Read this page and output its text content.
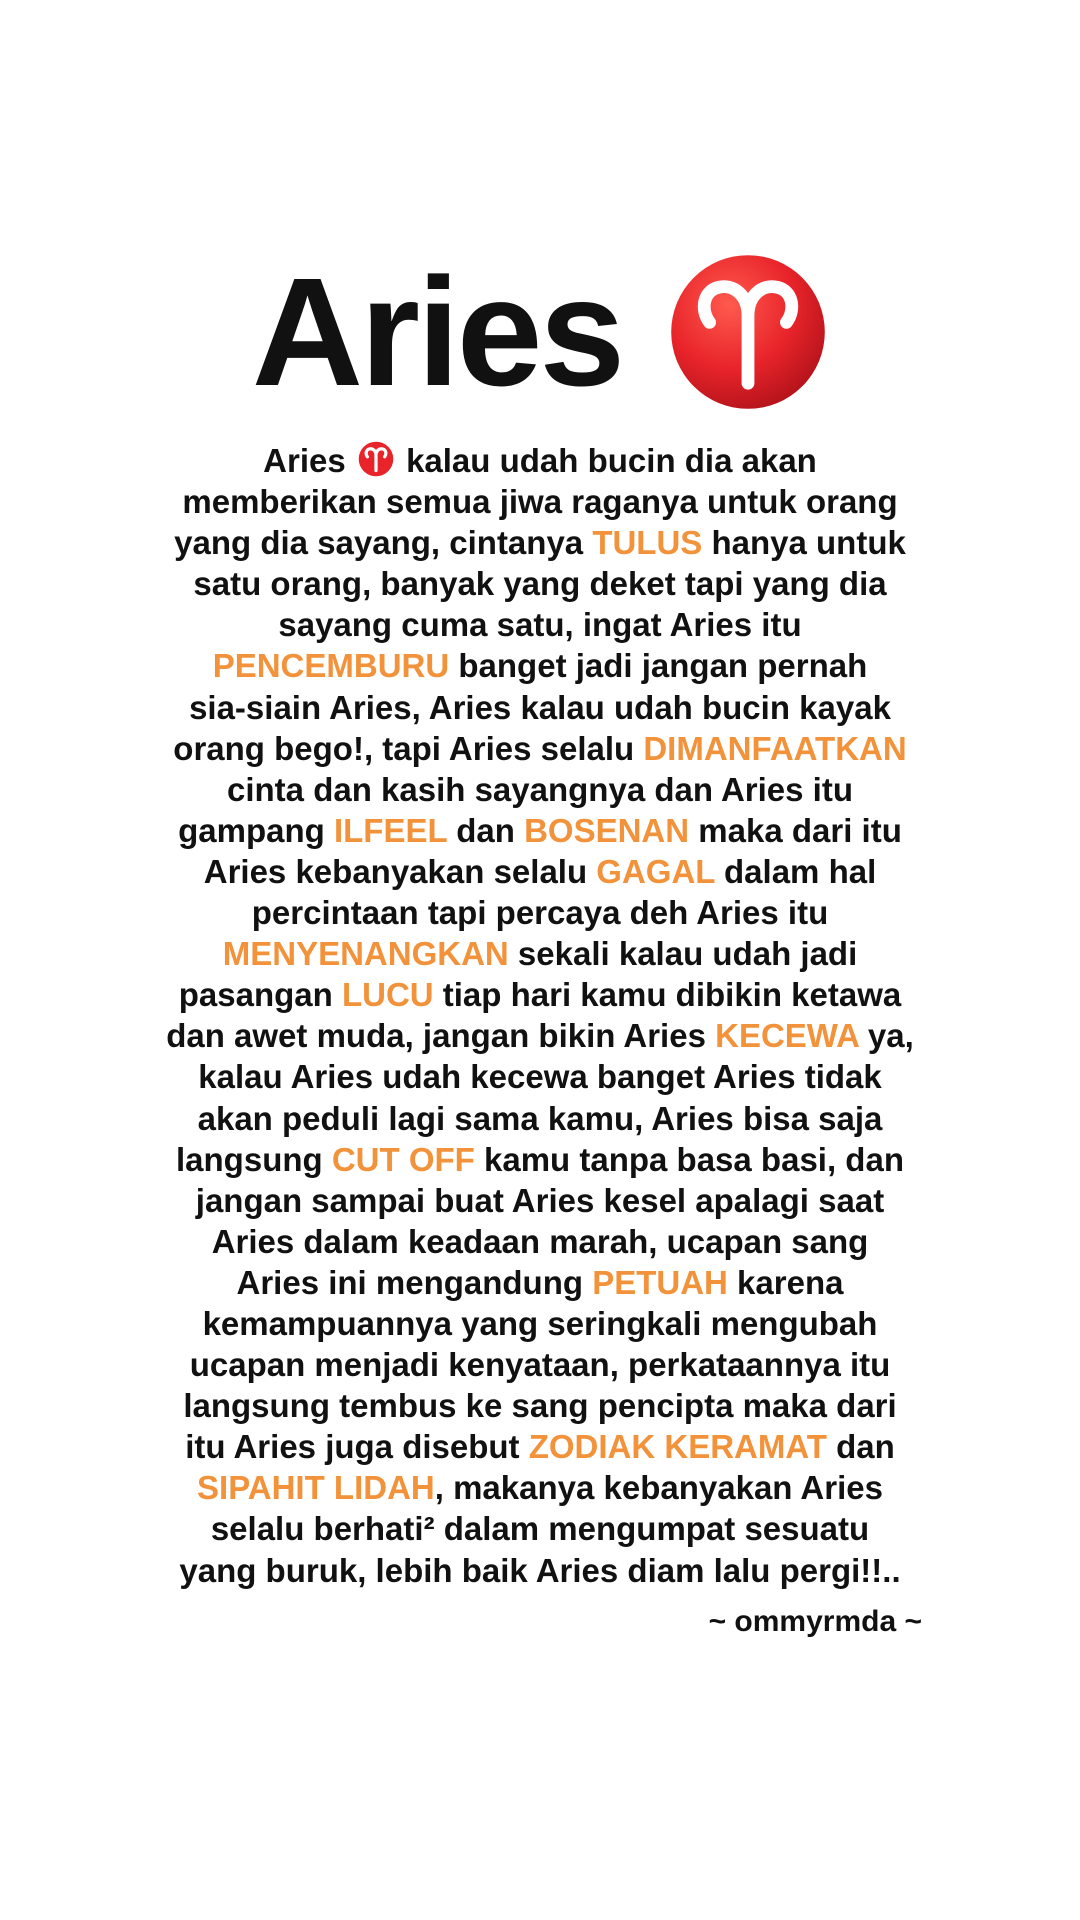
Aries
Aries kalau udah bucin dia akan
memberikan semua jiwa raganya untuk orang
yang dia sayang, cintanya TULUS hanya untuk
satu orang, banyak yang deket tapi yang dia
sayang cuma satu, ingat Aries itu
PENCEMBURU banget jadi jangan pernah
sia-siain Aries, Aries kalau udah bucin kayak
orang bego!, tapi Aries selalu DIMANFAATKAN
cinta dan kasih sayangnya dan Aries itu
gampang ILFEEL dan BOSENAN maka dari itu
Aries kebanyakan selalu GAGAL dalam hal
percintaan tapi percaya deh Aries itu
MENYENANGKAN sekali kalau udah jadi
pasangan LUCU tiap hari kamu dibikin ketawa
dan awet muda, jangan bikin Aries KECEWA ya,
kalau Aries udah kecewa banget Aries tidak
akan peduli lagi sama kamu, Aries bisa saja
langsung CUT OFF kamu tanpa basa basi, dan
jangan sampai buat Aries kesel apalagi saat
Aries dalam keadaan marah, ucapan sang
Aries ini mengandung PETUAH karena
kemampuannya yang seringkali mengubah
ucapan menjadi kenyataan, perkataannya itu
langsung tembus ke sang pencipta maka dari
itu Aries juga disebut ZODIAK KERAMAT dan
SIPAHIT LIDAH, makanya kebanyakan Aries
selalu berhati² dalam mengumpat sesuatu
yang buruk, lebih baik Aries diam lalu pergi!!..
~ ommyrmda ~
